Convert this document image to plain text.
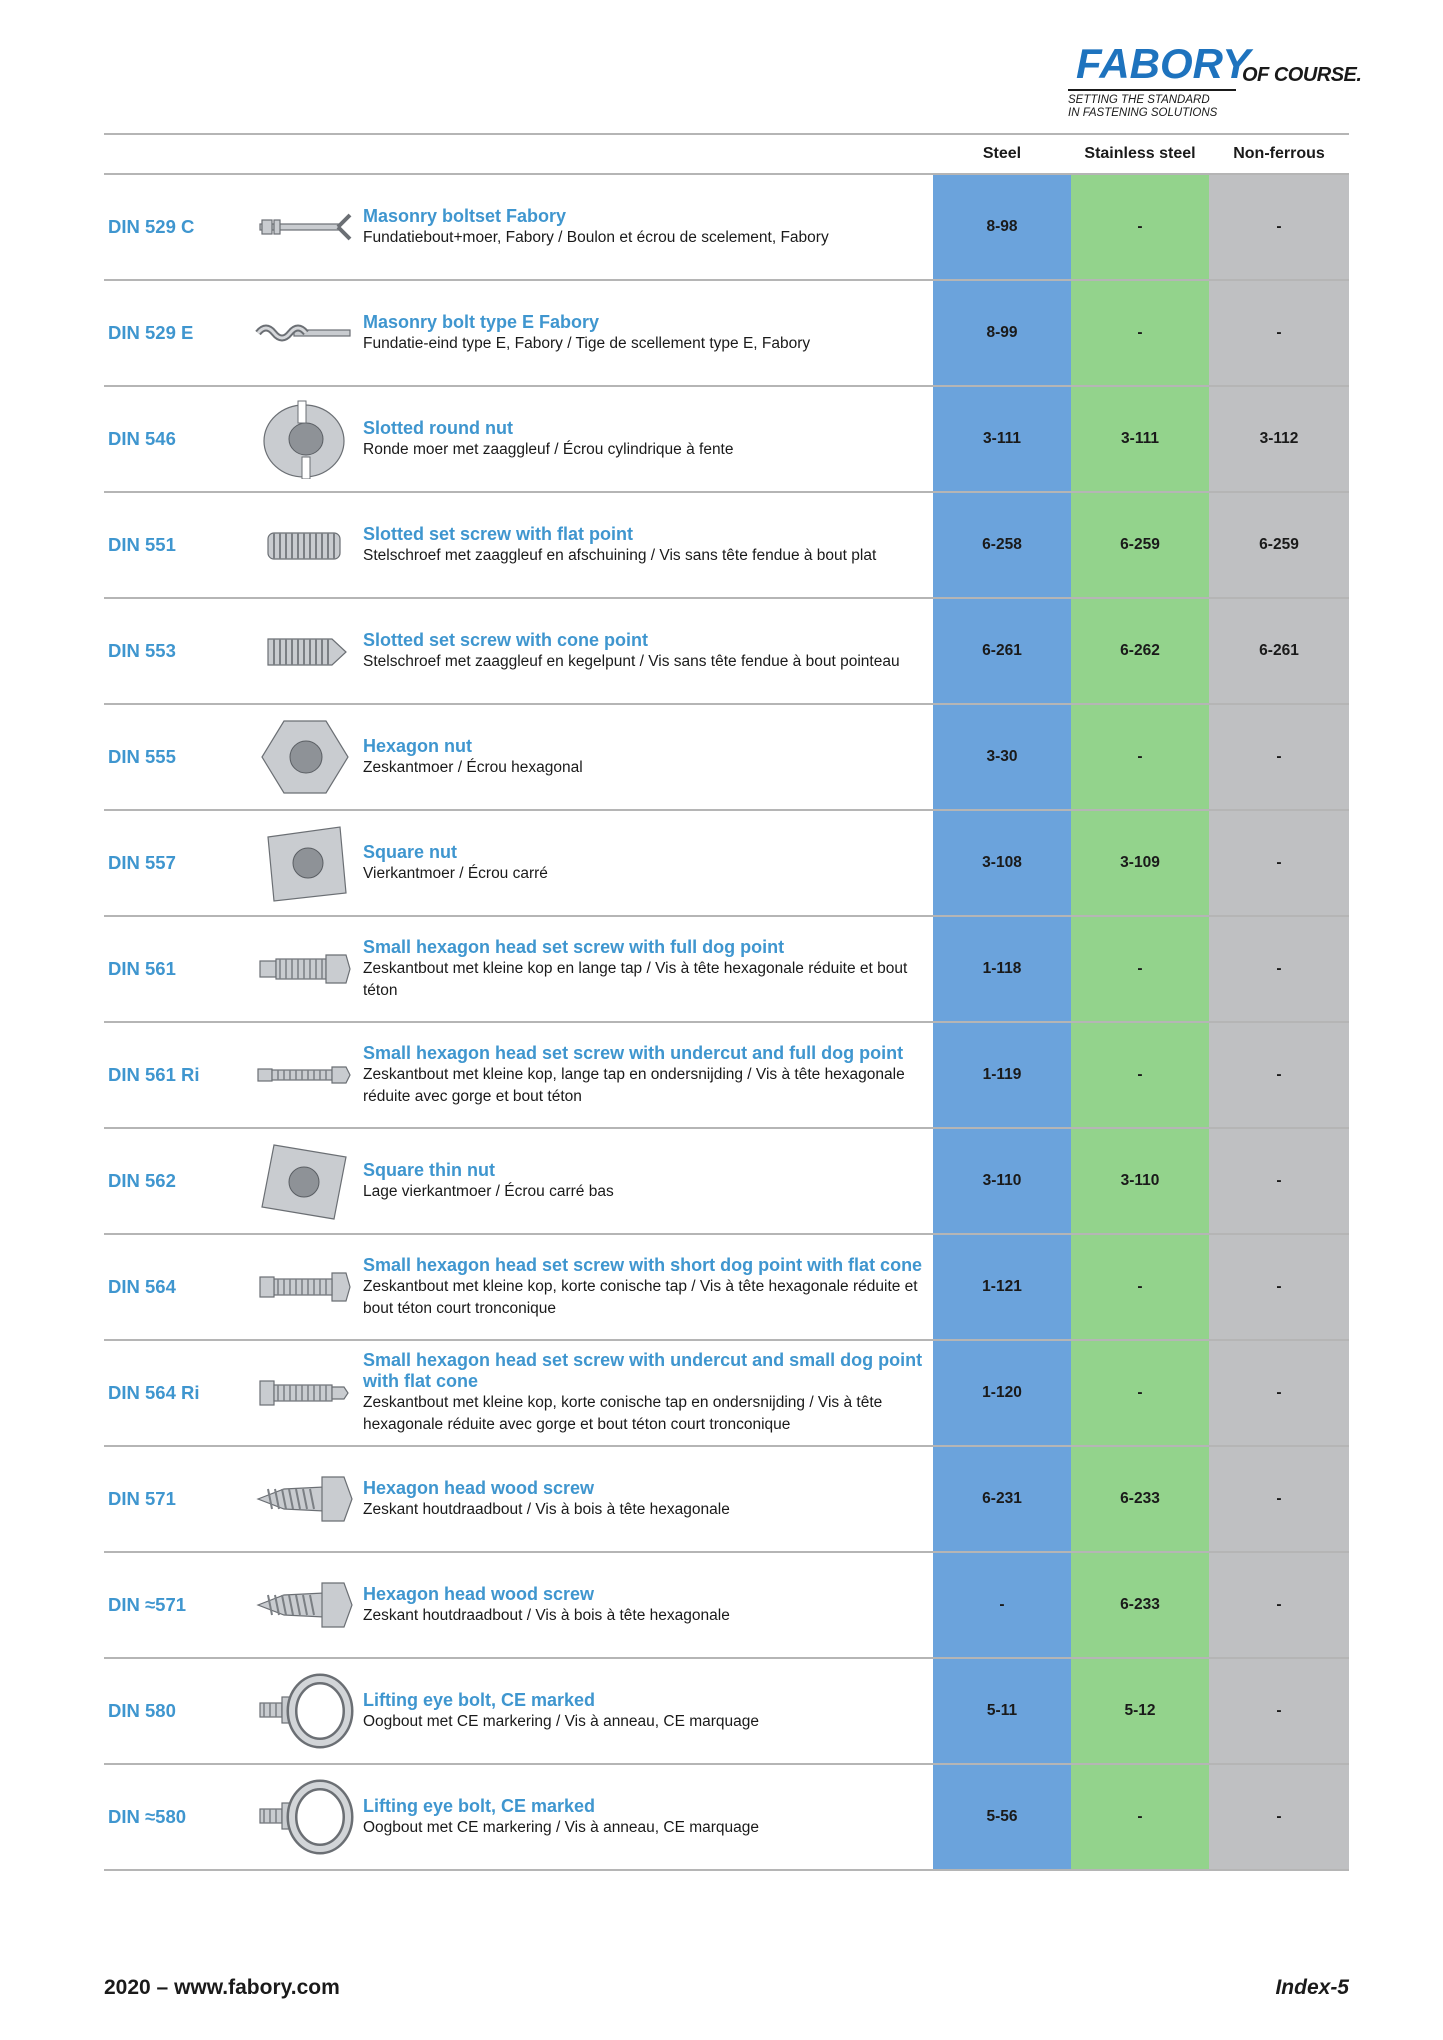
FABORY
OF COURSE.
SETTING THE STANDARD
IN FASTENING SOLUTIONS
Steel	Stainless steel	Non-ferrous
DIN 529 C
Masonry boltset Fabory
Fundatiebout+moer, Fabory / Boulon et écrou de scelement, Fabory
8-98	-	-
DIN 529 E
Masonry bolt type E Fabory
Fundatie-eind type E, Fabory / Tige de scellement type E, Fabory
8-99	-	-
DIN 546
Slotted round nut
Ronde moer met zaaggleuf / Écrou cylindrique à fente
3-111	3-111	3-112
DIN 551
Slotted set screw with flat point
Stelschroef met zaaggleuf en afschuining / Vis sans tête fendue à bout plat
6-258	6-259	6-259
DIN 553
Slotted set screw with cone point
Stelschroef met zaaggleuf en kegelpunt / Vis sans tête fendue à bout pointeau
6-261	6-262	6-261
DIN 555
Hexagon nut
Zeskantmoer / Écrou hexagonal
3-30	-	-
DIN 557
Square nut
Vierkantmoer / Écrou carré
3-108	3-109	-
DIN 561
Small hexagon head set screw with full dog point
Zeskantbout met kleine kop en lange tap / Vis à tête hexagonale réduite et bout téton
1-118	-	-
DIN 561 Ri
Small hexagon head set screw with undercut and full dog point
Zeskantbout met kleine kop, lange tap en ondersnijding / Vis à tête hexagonale réduite avec gorge et bout téton
1-119	-	-
DIN 562
Square thin nut
Lage vierkantmoer / Écrou carré bas
3-110	3-110	-
DIN 564
Small hexagon head set screw with short dog point with flat cone
Zeskantbout met kleine kop, korte conische tap / Vis à tête hexagonale réduite et bout téton court tronconique
1-121	-	-
DIN 564 Ri
Small hexagon head set screw with undercut and small dog point with flat cone
Zeskantbout met kleine kop, korte conische tap en ondersnijding / Vis à tête hexagonale réduite avec gorge et bout téton court tronconique
1-120	-	-
DIN 571
Hexagon head wood screw
Zeskant houtdraadbout / Vis à bois à tête hexagonale
6-231	6-233	-
DIN ≈571
Hexagon head wood screw
Zeskant houtdraadbout / Vis à bois à tête hexagonale
-	6-233	-
DIN 580
Lifting eye bolt, CE marked
Oogbout met CE markering / Vis à anneau, CE marquage
5-11	5-12	-
DIN ≈580
Lifting eye bolt, CE marked
Oogbout met CE markering / Vis à anneau, CE marquage
5-56	-	-
2020 – www.fabory.com	Index-5
